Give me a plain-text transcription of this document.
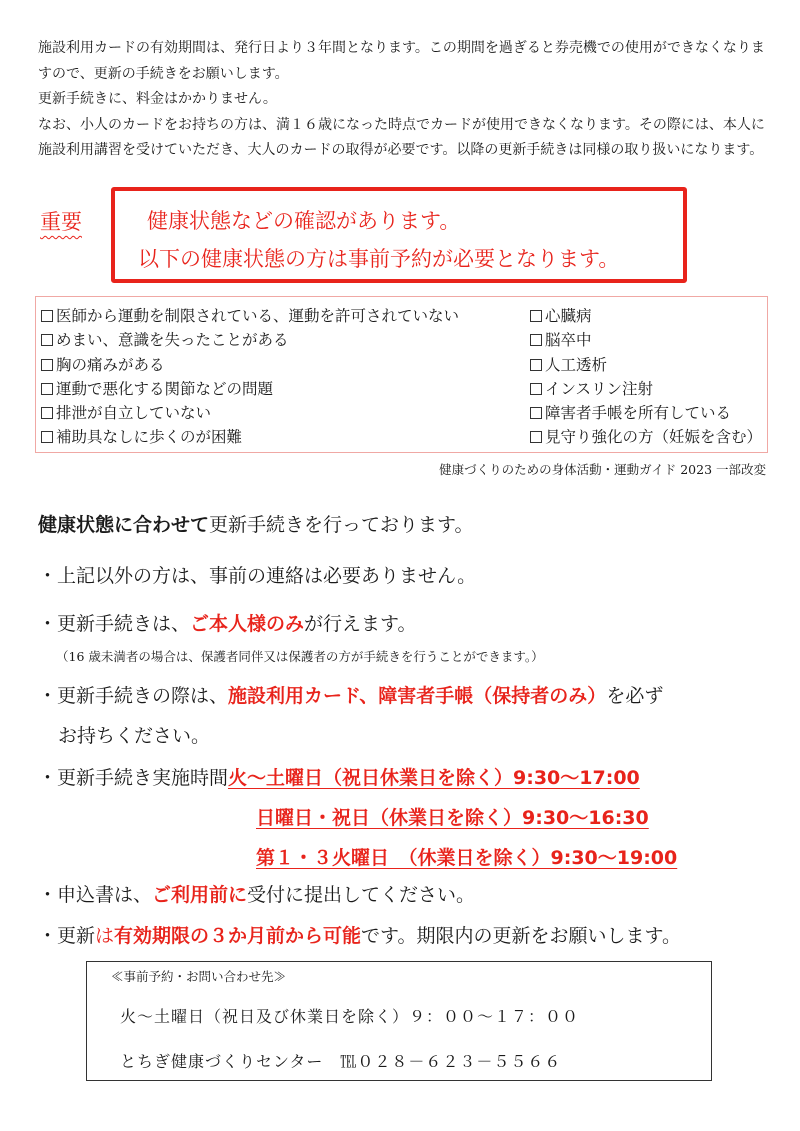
施設利用カードの有効期間は、発行日より３年間となります。この期間を過ぎると券売機での使用ができなくなりますので、更新の手続きをお願いします。

更新手続きに、料金はかかりません。

なお、小人のカードをお持ちの方は、満１６歳になった時点でカードが使用できなくなります。その際には、本人に施設利用講習を受けていただき、大人のカードの取得が必要です。以降の更新手続きは同様の取り扱いになります。

重要	健康状態などの確認があります。
以下の健康状態の方は事前予約が必要となります。
医師から運動を制限されている、運動を許可されていない
めまい、意識を失ったことがある
胸の痛みがある
運動で悪化する関節などの問題
排泄が自立していない
補助具なしに歩くのが困難
心臓病
脳卒中
人工透析
インスリン注射
障害者手帳を所有している
見守り強化の方（妊娠を含む）
健康づくりのための身体活動・運動ガイド 2023 一部改変
健康状態に合わせて更新手続きを行っております。
・上記以外の方は、事前の連絡は必要ありません。
・更新手続きは、ご本人様のみが行えます。
（16 歳未満者の場合は、保護者同伴又は保護者の方が手続きを行うことができます。）
・更新手続きの際は、施設利用カード、障害者手帳（保持者のみ）を必ず
お持ちください。
・更新手続き実施時間火～土曜日（祝日休業日を除く）9:30～17:00
日曜日・祝日（休業日を除く）9:30～16:30
第１・３火曜日　（休業日を除く）9:30～19:00
・申込書は、ご利用前に受付に提出してください。
・更新は有効期限の３か月前から可能です。期限内の更新をお願いします。
≪事前予約・お問い合わせ先≫
火～土曜日（祝日及び休業日を除く）９：００～１７：００
とちぎ健康づくりセンター　℡０２８－６２３－５５６６
